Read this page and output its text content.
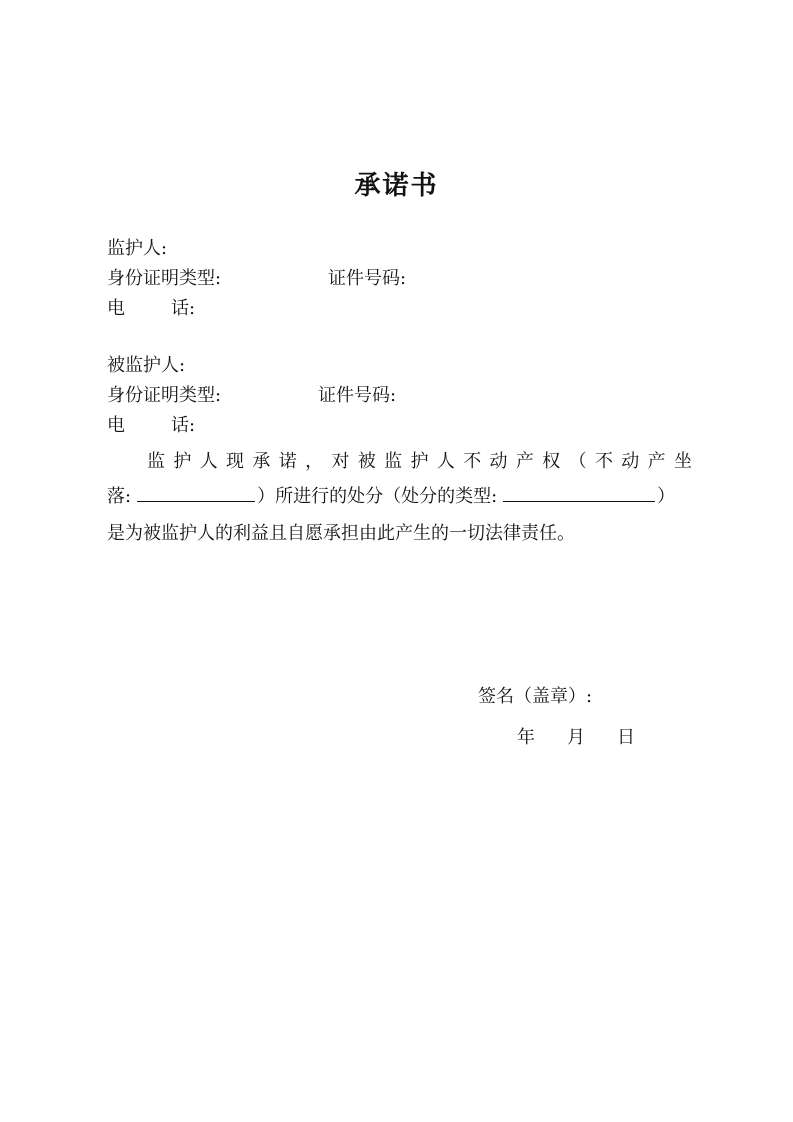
承诺书
监护人:
身份证明类型:	证件号码:
电	话:
被监护人:
身份证明类型:	证件号码:
电	话:
监护人现承诺，对被监护人不动产权（不动产坐
落:	）所进行的处分（处分的类型:	）
是为被监护人的利益且自愿承担由此产生的一切法律责任。
签名（盖章）:
年 月 日
